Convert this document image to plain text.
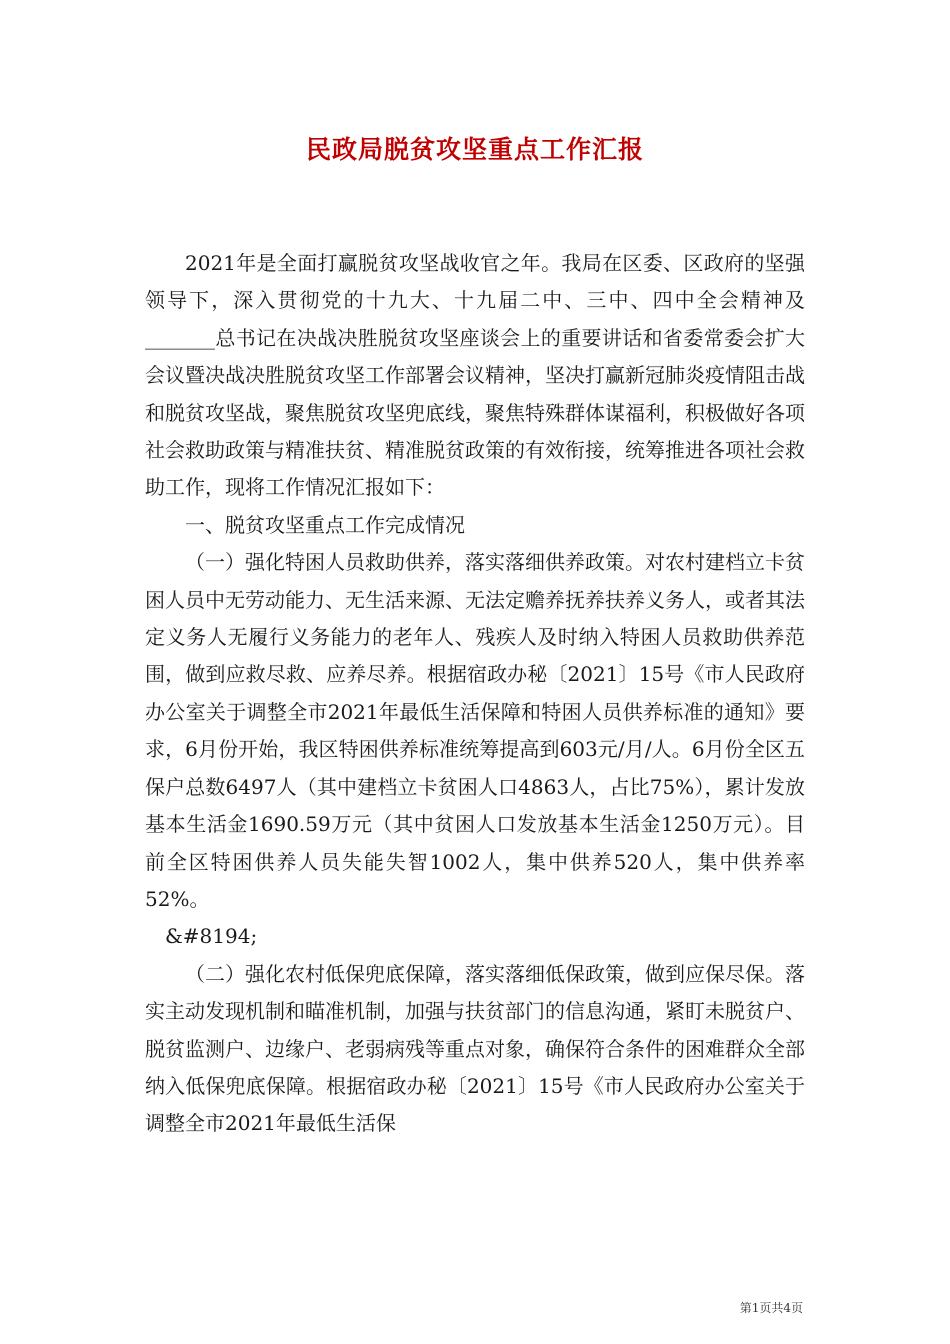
民政局脱贫攻坚重点工作汇报

2021年是全面打赢脱贫攻坚战收官之年。我局在区委、区政府的坚强领导下，深入贯彻党的十九大、十九届二中、三中、四中全会精神及_______总书记在决战决胜脱贫攻坚座谈会上的重要讲话和省委常委会扩大会议暨决战决胜脱贫攻坚工作部署会议精神，坚决打赢新冠肺炎疫情阻击战和脱贫攻坚战，聚焦脱贫攻坚兜底线，聚焦特殊群体谋福利，积极做好各项社会救助政策与精准扶贫、精准脱贫政策的有效衔接，统筹推进各项社会救助工作，现将工作情况汇报如下：

一、脱贫攻坚重点工作完成情况

（一）强化特困人员救助供养，落实落细供养政策。对农村建档立卡贫困人员中无劳动能力、无生活来源、无法定赡养抚养扶养义务人，或者其法定义务人无履行义务能力的老年人、残疾人及时纳入特困人员救助供养范围，做到应救尽救、应养尽养。根据宿政办秘〔2021〕15号《市人民政府办公室关于调整全市2021年最低生活保障和特困人员供养标准的通知》要求，6月份开始，我区特困供养标准统筹提高到603元/月/人。6月份全区五保户总数6497人（其中建档立卡贫困人口4863人，占比75%），累计发放基本生活金1690.59万元（其中贫困人口发放基本生活金1250万元）。目前全区特困供养人员失能失智1002人，集中供养520人，集中供养率52%。

&#8194;

（二）强化农村低保兜底保障，落实落细低保政策，做到应保尽保。落实主动发现机制和瞄准机制，加强与扶贫部门的信息沟通，紧盯未脱贫户、脱贫监测户、边缘户、老弱病残等重点对象，确保符合条件的困难群众全部纳入低保兜底保障。根据宿政办秘〔2021〕15号《市人民政府办公室关于调整全市2021年最低生活保

第1页共4页
